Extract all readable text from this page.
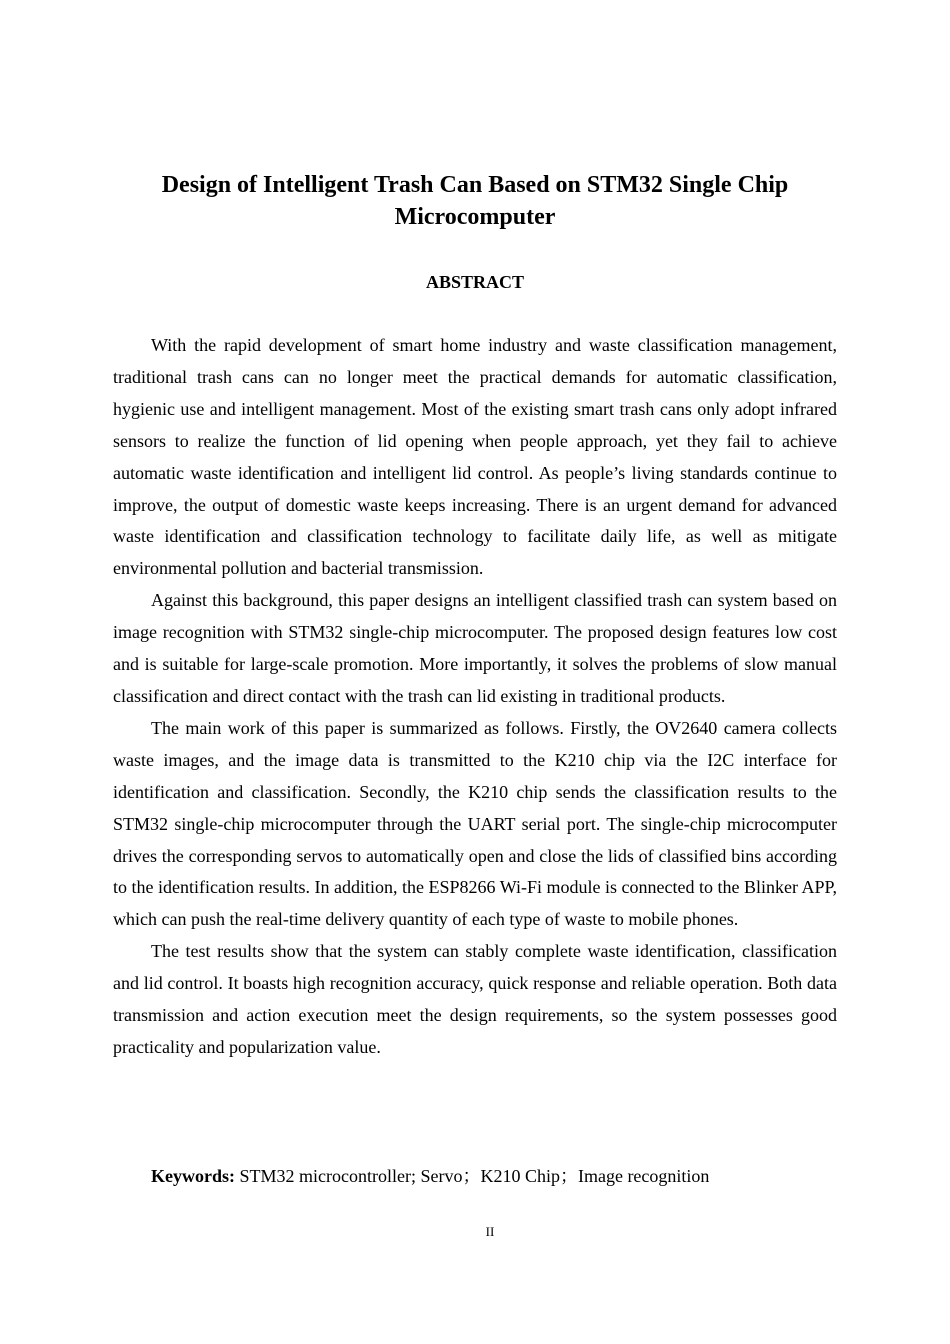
Design of Intelligent Trash Can Based on STM32 Single Chip Microcomputer
ABSTRACT

With the rapid development of smart home industry and waste classification management, traditional trash cans can no longer meet the practical demands for automatic classification, hygienic use and intelligent management. Most of the existing smart trash cans only adopt infrared sensors to realize the function of lid opening when people approach, yet they fail to achieve automatic waste identification and intelligent lid control. As people’s living standards continue to improve, the output of domestic waste keeps increasing. There is an urgent demand for advanced waste identification and classification technology to facilitate daily life, as well as mitigate environmental pollution and bacterial transmission.

Against this background, this paper designs an intelligent classified trash can system based on image recognition with STM32 single-chip microcomputer. The proposed design features low cost and is suitable for large-scale promotion. More importantly, it solves the problems of slow manual classification and direct contact with the trash can lid existing in traditional products.

The main work of this paper is summarized as follows. Firstly, the OV2640 camera collects waste images, and the image data is transmitted to the K210 chip via the I2C interface for identification and classification. Secondly, the K210 chip sends the classification results to the STM32 single-chip microcomputer through the UART serial port. The single-chip microcomputer drives the corresponding servos to automatically open and close the lids of classified bins according to the identification results. In addition, the ESP8266 Wi-Fi module is connected to the Blinker APP, which can push the real-time delivery quantity of each type of waste to mobile phones.

The test results show that the system can stably complete waste identification, classification and lid control. It boasts high recognition accuracy, quick response and reliable operation. Both data transmission and action execution meet the design requirements, so the system possesses good practicality and popularization value.

Keywords: STM32 microcontroller; Servo；K210 Chip；Image recognition
II
